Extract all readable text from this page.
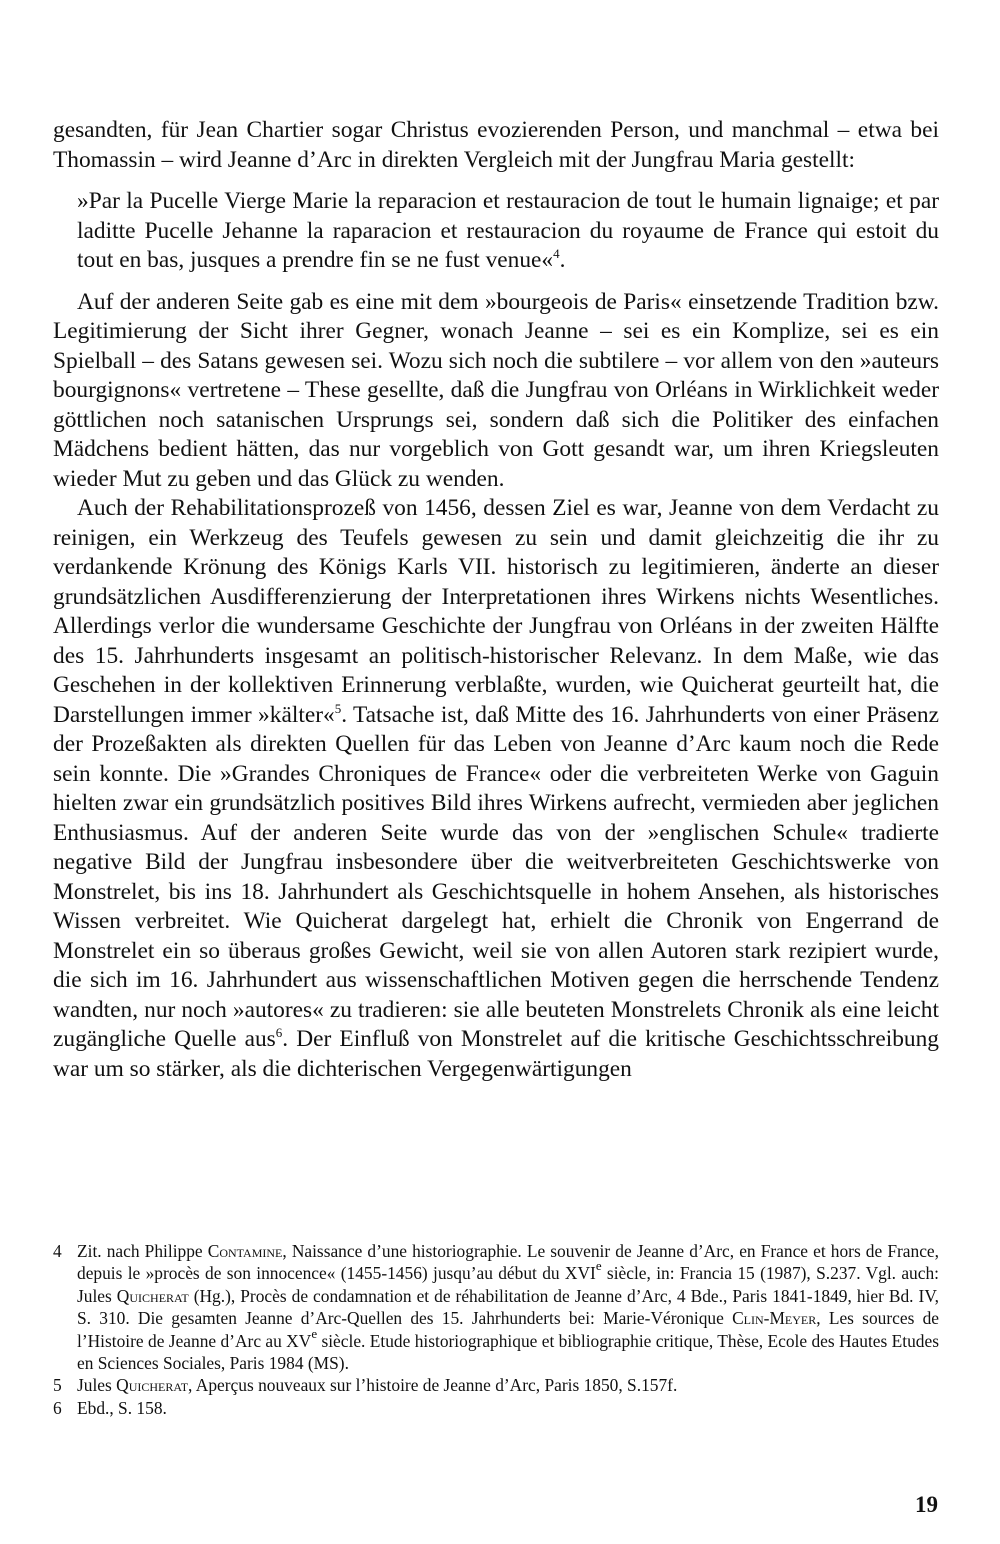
gesandten, für Jean Chartier sogar Christus evozierenden Person, und manchmal – etwa bei Thomassin – wird Jeanne d’Arc in direkten Vergleich mit der Jungfrau Maria gestellt:

»Par la Pucelle Vierge Marie la reparacion et restauracion de tout le humain lignaige; et par laditte Pucelle Jehanne la raparacion et restauracion du royaume de France qui estoit du tout en bas, jusques a prendre fin se ne fust venue«$^4$.

Auf der anderen Seite gab es eine mit dem »bourgeois de Paris« einsetzende Tradition bzw. Legitimierung der Sicht ihrer Gegner, wonach Jeanne – sei es ein Komplize, sei es ein Spielball – des Satans gewesen sei. Wozu sich noch die subtilere – vor allem von den »auteurs bourgignons« vertretene – These gesellte, daß die Jungfrau von Orléans in Wirklichkeit weder göttlichen noch satanischen Ursprungs sei, sondern daß sich die Politiker des einfachen Mädchens bedient hätten, das nur vorgeblich von Gott gesandt war, um ihren Kriegsleuten wieder Mut zu geben und das Glück zu wenden.

Auch der Rehabilitationsprozeß von 1456, dessen Ziel es war, Jeanne von dem Verdacht zu reinigen, ein Werkzeug des Teufels gewesen zu sein und damit gleichzeitig die ihr zu verdankende Krönung des Königs Karls VII. historisch zu legitimieren, änderte an dieser grundsätzlichen Ausdifferenzierung der Interpretationen ihres Wirkens nichts Wesentliches. Allerdings verlor die wundersame Geschichte der Jungfrau von Orléans in der zweiten Hälfte des 15. Jahrhunderts insgesamt an politisch-historischer Relevanz. In dem Maße, wie das Geschehen in der kollektiven Erinnerung verblaßte, wurden, wie Quicherat geurteilt hat, die Darstellungen immer »kälter«$^5$. Tatsache ist, daß Mitte des 16. Jahrhunderts von einer Präsenz der Prozeßakten als direkten Quellen für das Leben von Jeanne d’Arc kaum noch die Rede sein konnte. Die »Grandes Chroniques de France« oder die verbreiteten Werke von Gaguin hielten zwar ein grundsätzlich positives Bild ihres Wirkens aufrecht, vermieden aber jeglichen Enthusiasmus. Auf der anderen Seite wurde das von der »englischen Schule« tradierte negative Bild der Jungfrau insbesondere über die weitverbreiteten Geschichtswerke von Monstrelet, bis ins 18. Jahrhundert als Geschichtsquelle in hohem Ansehen, als historisches Wissen verbreitet. Wie Quicherat dargelegt hat, erhielt die Chronik von Engerrand de Monstrelet ein so überaus großes Gewicht, weil sie von allen Autoren stark rezipiert wurde, die sich im 16. Jahrhundert aus wissenschaftlichen Motiven gegen die herrschende Tendenz wandten, nur noch »autores« zu tradieren: sie alle beuteten Monstrelets Chronik als eine leicht zugängliche Quelle aus$^6$. Der Einfluß von Monstrelet auf die kritische Geschichtsschreibung war um so stärker, als die dichterischen Vergegenwärtigungen

4 Zit. nach Philippe Contamine, Naissance d’une historiographie. Le souvenir de Jeanne d’Arc, en France et hors de France, depuis le »procès de son innocence« (1455-1456) jusqu’au début du XVIe siècle, in: Francia 15 (1987), S.237. Vgl. auch: Jules Quicherat (Hg.), Procès de condamnation et de réhabilitation de Jeanne d’Arc, 4 Bde., Paris 1841-1849, hier Bd. IV, S. 310. Die gesamten Jeanne d’Arc-Quellen des 15. Jahrhunderts bei: Marie-Véronique Clin-Meyer, Les sources de l’Histoire de Jeanne d’Arc au XVe siècle. Etude historiographique et bibliographie critique, Thèse, Ecole des Hautes Etudes en Sciences Sociales, Paris 1984 (MS).

5 Jules Quicherat, Aperçus nouveaux sur l’histoire de Jeanne d’Arc, Paris 1850, S.157f.

6 Ebd., S. 158.

19
